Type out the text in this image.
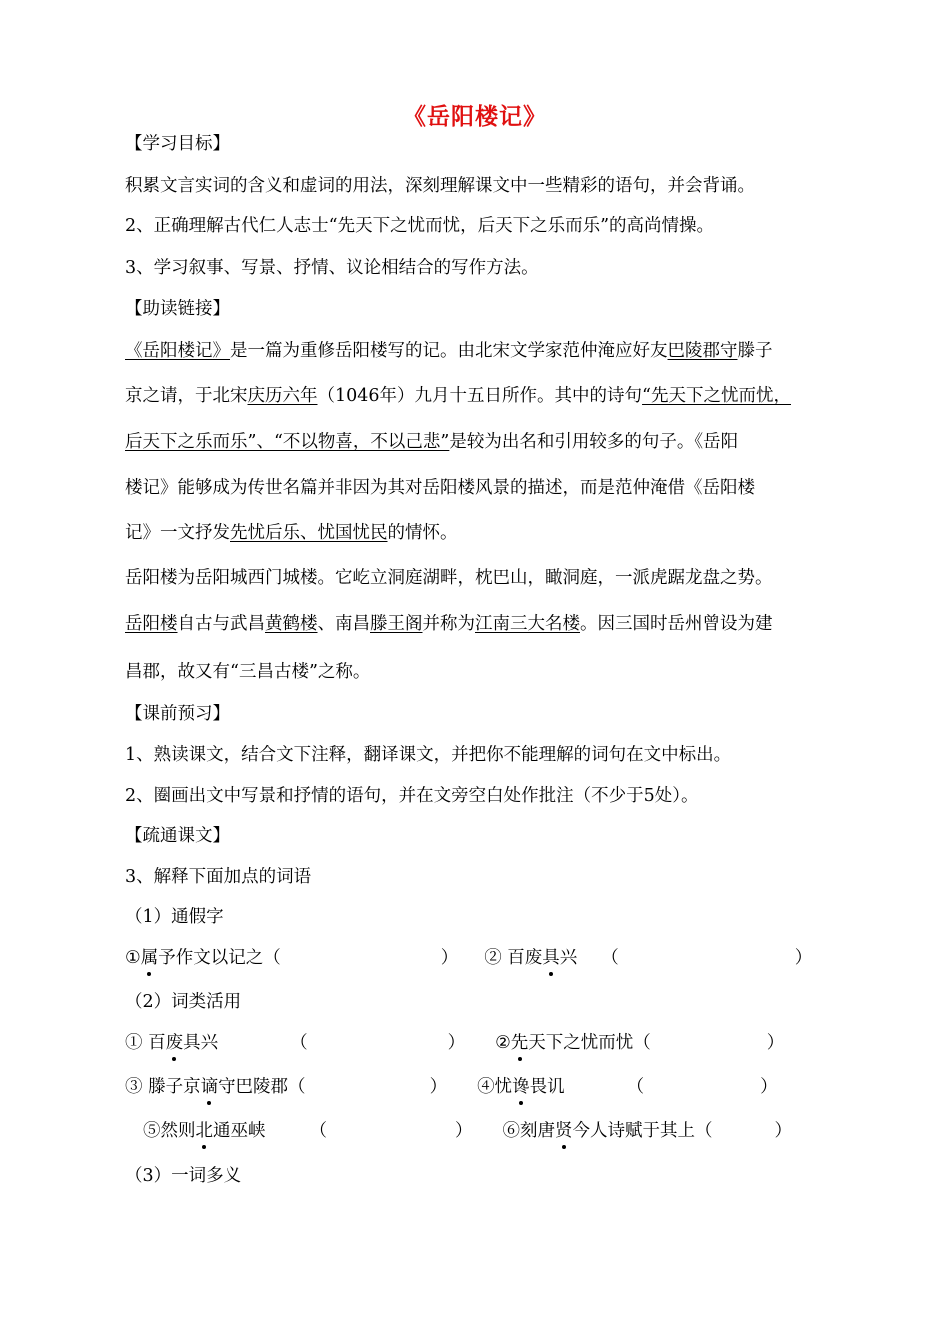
《岳阳楼记》
【学习目标】
积累文言实词的含义和虚词的用法，深刻理解课文中一些精彩的语句，并会背诵。
2、正确理解古代仁人志士“先天下之忧而忧，后天下之乐而乐”的高尚情操。
3、学习叙事、写景、抒情、议论相结合的写作方法。
【助读链接】
《岳阳楼记》是一篇为重修岳阳楼写的记。由北宋文学家范仲淹应好友巴陵郡守滕子
京之请，于北宋庆历六年（1046年）九月十五日所作。其中的诗句“先天下之忧而忧，
后天下之乐而乐”、“不以物喜，不以己悲”是较为出名和引用较多的句子。《岳阳
楼记》能够成为传世名篇并非因为其对岳阳楼风景的描述，而是范仲淹借《岳阳楼
记》一文抒发先忧后乐、忧国忧民的情怀。
岳阳楼为岳阳城西门城楼。它屹立洞庭湖畔，枕巴山，瞰洞庭，一派虎踞龙盘之势。
岳阳楼自古与武昌黄鹤楼、南昌滕王阁并称为江南三大名楼。因三国时岳州曾设为建
昌郡，故又有“三昌古楼”之称。
【课前预习】
1、熟读课文，结合文下注释，翻译课文，并把你不能理解的词句在文中标出。
2、圈画出文中写景和抒情的语句，并在文旁空白处作批注（不少于5处）。
【疏通课文】
3、解释下面加点的词语
（1）通假字
①属予作文以记之（	） ② 百废具兴 （	）
（2）词类活用
① 百废具兴	（	） ②先天下之忧而忧（	）
③ 滕子京谪守巴陵郡（	） ④忧谗畏讥	（	）
⑤然则北通巫峡	（	） ⑥刻唐贤今人诗赋于其上（	）
（3）一词多义
